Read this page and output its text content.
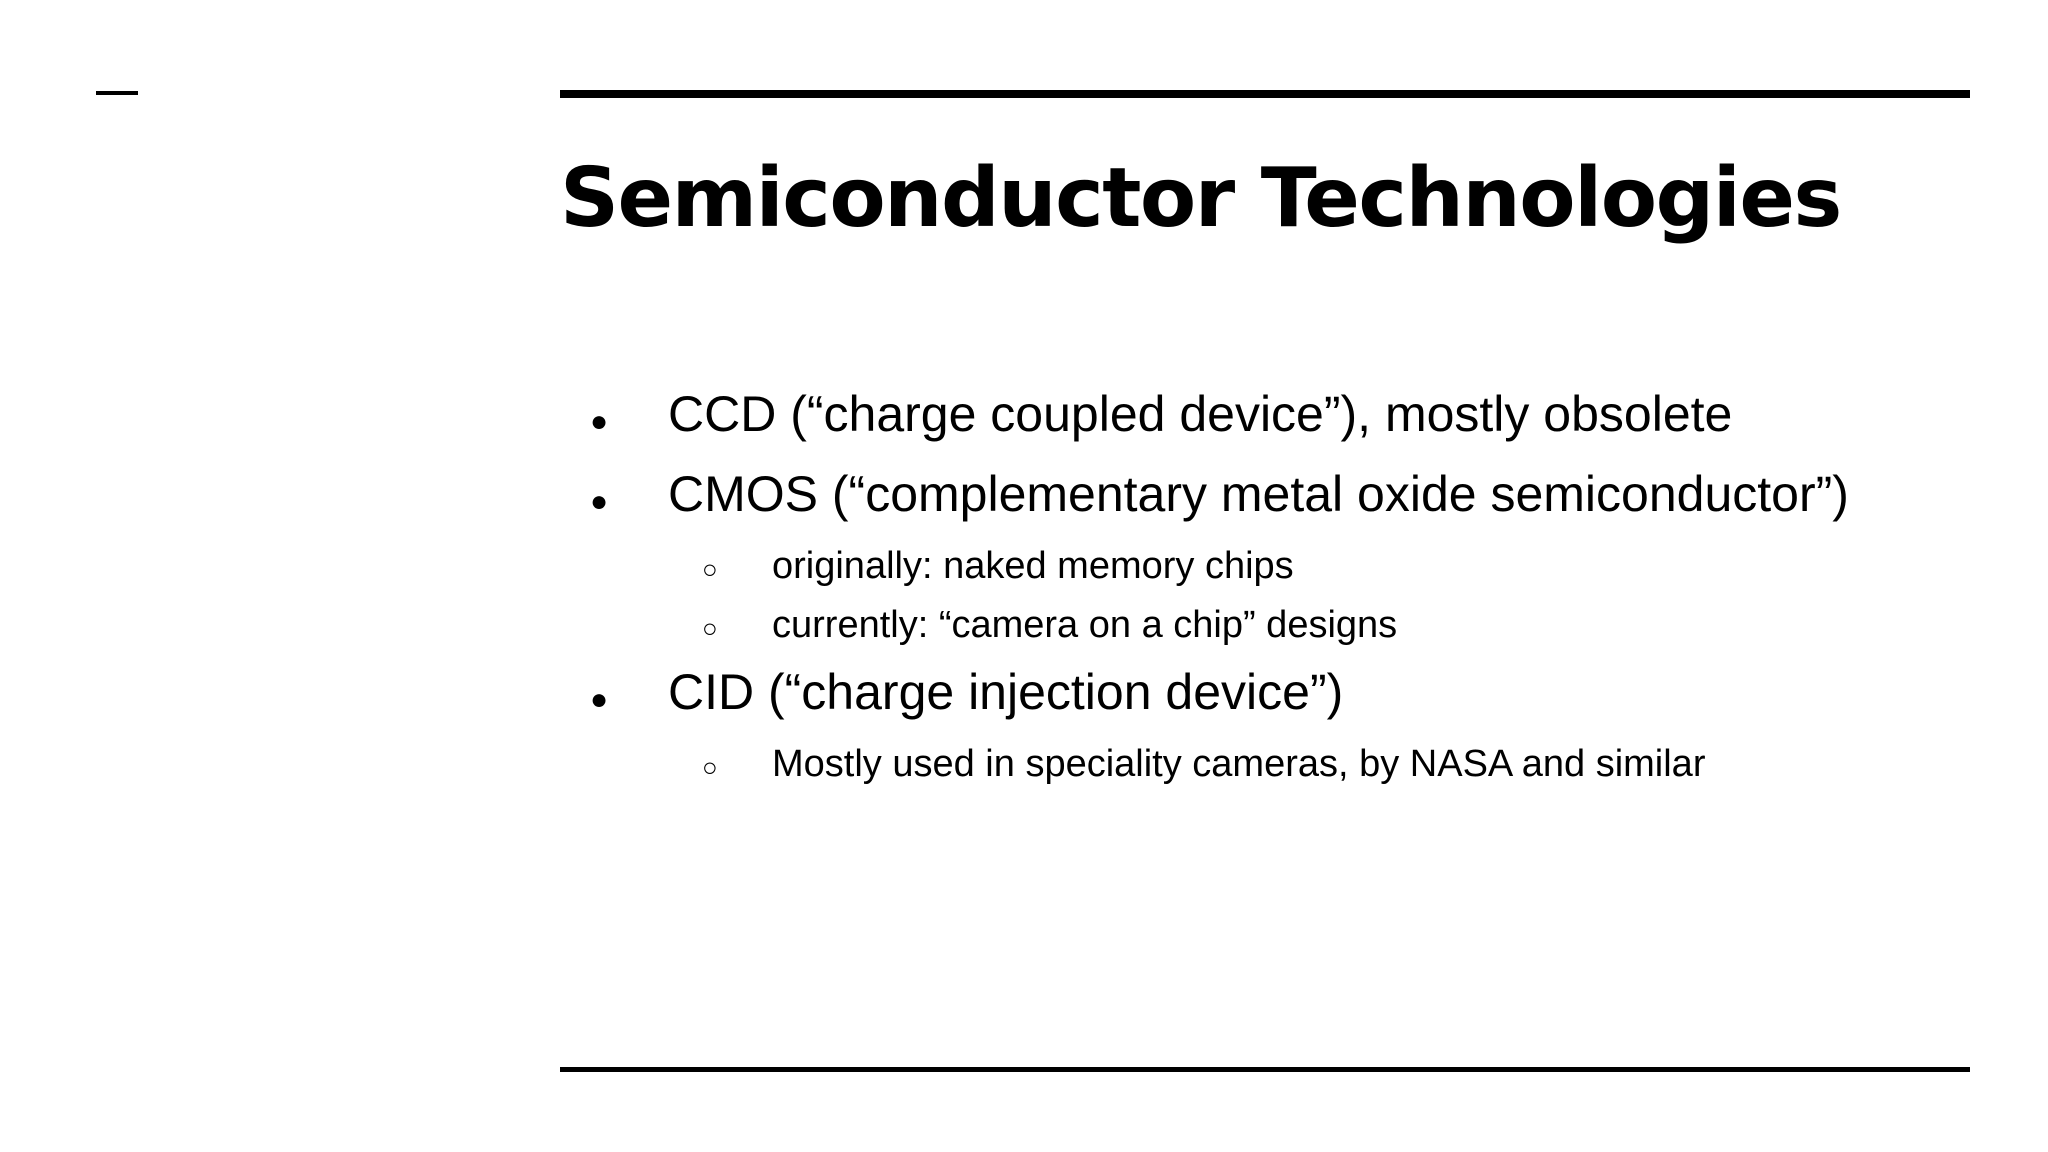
Semiconductor Technologies
●	CCD (“charge coupled device”), mostly obsolete
●	CMOS (“complementary metal oxide semiconductor”)
○	originally: naked memory chips
○	currently: “camera on a chip” designs
●	CID (“charge injection device”)
○	Mostly used in speciality cameras, by NASA and similar
